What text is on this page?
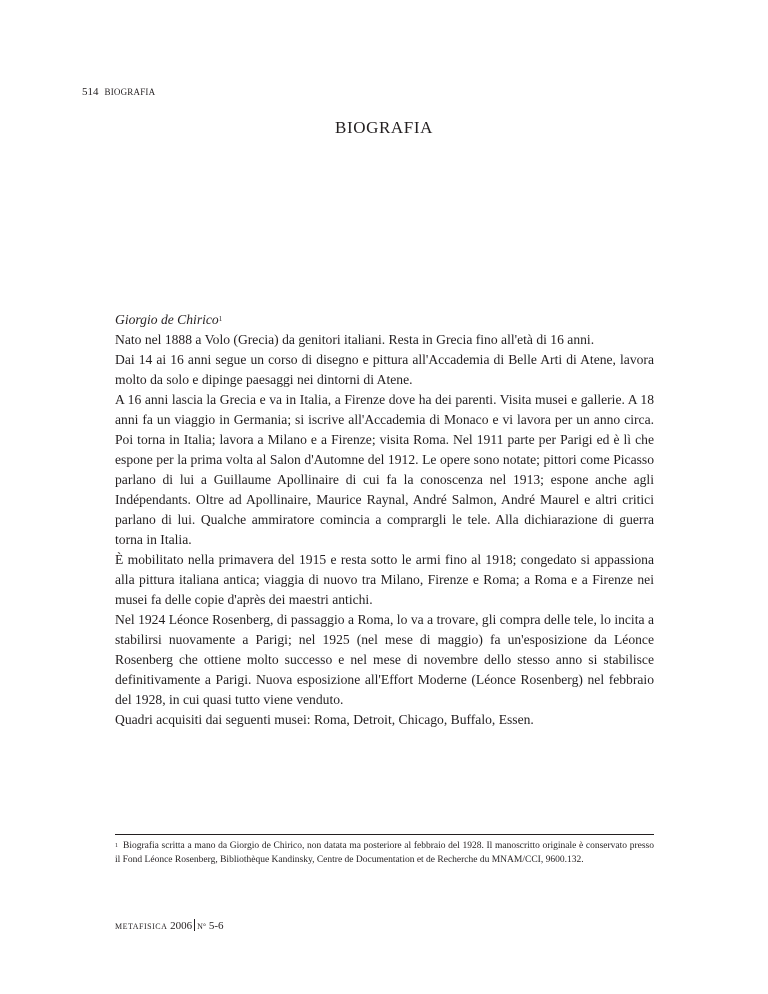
514 BIOGRAFIA
BIOGRAFIA
Giorgio de Chirico$^1$

Nato nel 1888 a Volo (Grecia) da genitori italiani. Resta in Grecia fino all'età di 16 anni.

Dai 14 ai 16 anni segue un corso di disegno e pittura all'Accademia di Belle Arti di Atene, lavora molto da solo e dipinge paesaggi nei dintorni di Atene.

A 16 anni lascia la Grecia e va in Italia, a Firenze dove ha dei parenti. Visita musei e gallerie. A 18 anni fa un viaggio in Germania; si iscrive all'Accademia di Monaco e vi lavora per un anno circa. Poi torna in Italia; lavora a Milano e a Firenze; visita Roma. Nel 1911 parte per Parigi ed è lì che espone per la prima volta al Salon d'Automne del 1912. Le opere sono notate; pittori come Picasso parlano di lui a Guillaume Apollinaire di cui fa la conoscenza nel 1913; espone anche agli Indépendants. Oltre ad Apollinaire, Maurice Raynal, André Salmon, André Maurel e altri critici parlano di lui. Qualche ammiratore comincia a comprargli le tele. Alla dichiarazione di guerra torna in Italia.

È mobilitato nella primavera del 1915 e resta sotto le armi fino al 1918; congedato si appassiona alla pittura italiana antica; viaggia di nuovo tra Milano, Firenze e Roma; a Roma e a Firenze nei musei fa delle copie d'après dei maestri antichi.

Nel 1924 Léonce Rosenberg, di passaggio a Roma, lo va a trovare, gli compra delle tele, lo incita a stabilirsi nuovamente a Parigi; nel 1925 (nel mese di maggio) fa un'esposizione da Léonce Rosenberg che ottiene molto successo e nel mese di novembre dello stesso anno si stabilisce definitivamente a Parigi. Nuova esposizione all'Effort Moderne (Léonce Rosenberg) nel febbraio del 1928, in cui quasi tutto viene venduto.

Quadri acquisiti dai seguenti musei: Roma, Detroit, Chicago, Buffalo, Essen.

$^1$ Biografia scritta a mano da Giorgio de Chirico, non datata ma posteriore al febbraio del 1928. Il manoscritto originale è conservato presso il Fond Léonce Rosenberg, Bibliothèque Kandinsky, Centre de Documentation et de Recherche du MNAM/CCI, 9600.132.
METAFISICA 2006 N° 5-6
